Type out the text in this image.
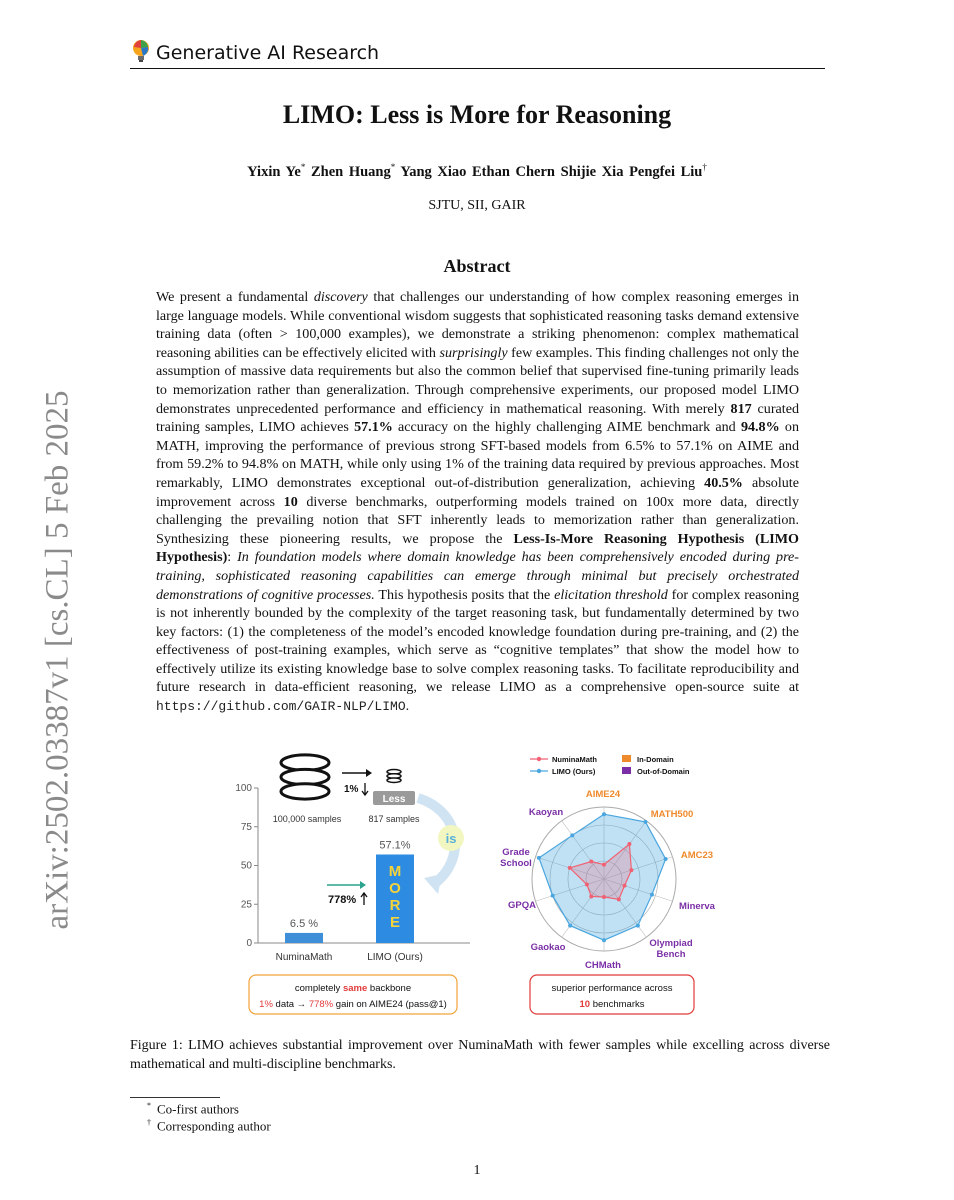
Generative AI Research
LIMO: Less is More for Reasoning
Yixin Ye* Zhen Huang* Yang Xiao Ethan Chern Shijie Xia Pengfei Liu†
SJTU, SII, GAIR
Abstract

We present a fundamental discovery that challenges our understanding of how complex reasoning emerges in large language models. While conventional wisdom suggests that sophisticated reasoning tasks demand extensive training data (often > 100,000 examples), we demonstrate a striking phenomenon: complex mathematical reasoning abilities can be effectively elicited with surprisingly few examples. This finding challenges not only the assumption of massive data requirements but also the common belief that supervised fine-tuning primarily leads to memorization rather than generalization. Through comprehensive experiments, our proposed model LIMO demonstrates unprecedented performance and efficiency in mathematical reasoning. With merely 817 curated training samples, LIMO achieves 57.1% accuracy on the highly challenging AIME benchmark and 94.8% on MATH, improving the performance of previous strong SFT-based models from 6.5% to 57.1% on AIME and from 59.2% to 94.8% on MATH, while only using 1% of the training data required by previous approaches. Most remarkably, LIMO demonstrates exceptional out-of-distribution generalization, achieving 40.5% absolute improvement across 10 diverse benchmarks, outperforming models trained on 100x more data, directly challenging the prevailing notion that SFT inherently leads to memorization rather than generalization. Synthesizing these pioneering results, we propose the Less-Is-More Reasoning Hypothesis (LIMO Hypothesis): In foundation models where domain knowledge has been comprehensively encoded during pre-training, sophisticated reasoning capabilities can emerge through minimal but precisely orchestrated demonstrations of cognitive processes. This hypothesis posits that the elicitation threshold for complex reasoning is not inherently bounded by the complexity of the target reasoning task, but fundamentally determined by two key factors: (1) the completeness of the model’s encoded knowledge foundation during pre-training, and (2) the effectiveness of post-training examples, which serve as “cognitive templates” that show the model how to effectively utilize its existing knowledge base to solve complex reasoning tasks. To facilitate reproducibility and future research in data-efficient reasoning, we release LIMO as a comprehensive open-source suite at https://github.com/GAIR-NLP/LIMO.

arXiv:2502.03387v1 [cs.CL] 5 Feb 2025
0
25
50
75
100
6.5 %
NuminaMath
57.1%
LIMO (Ours)
M
O
R
E
100,000 samples	817 samples
1%
Less
is
778%
completely same backbone
1% data → 778% gain on AIME24 (pass@1)
AIME24
MATH500
AMC23
Minerva
Olympiad Bench
CHMath
Gaokao
GPQA
Grade School
Kaoyan
NuminaMath
LIMO (Ours)
In-Domain
Out-of-Domain
superior performance across
10 benchmarks
Figure 1: LIMO achieves substantial improvement over NuminaMath with fewer samples while excelling across diverse mathematical and multi-discipline benchmarks.
* Co-first authors
† Corresponding author
1
